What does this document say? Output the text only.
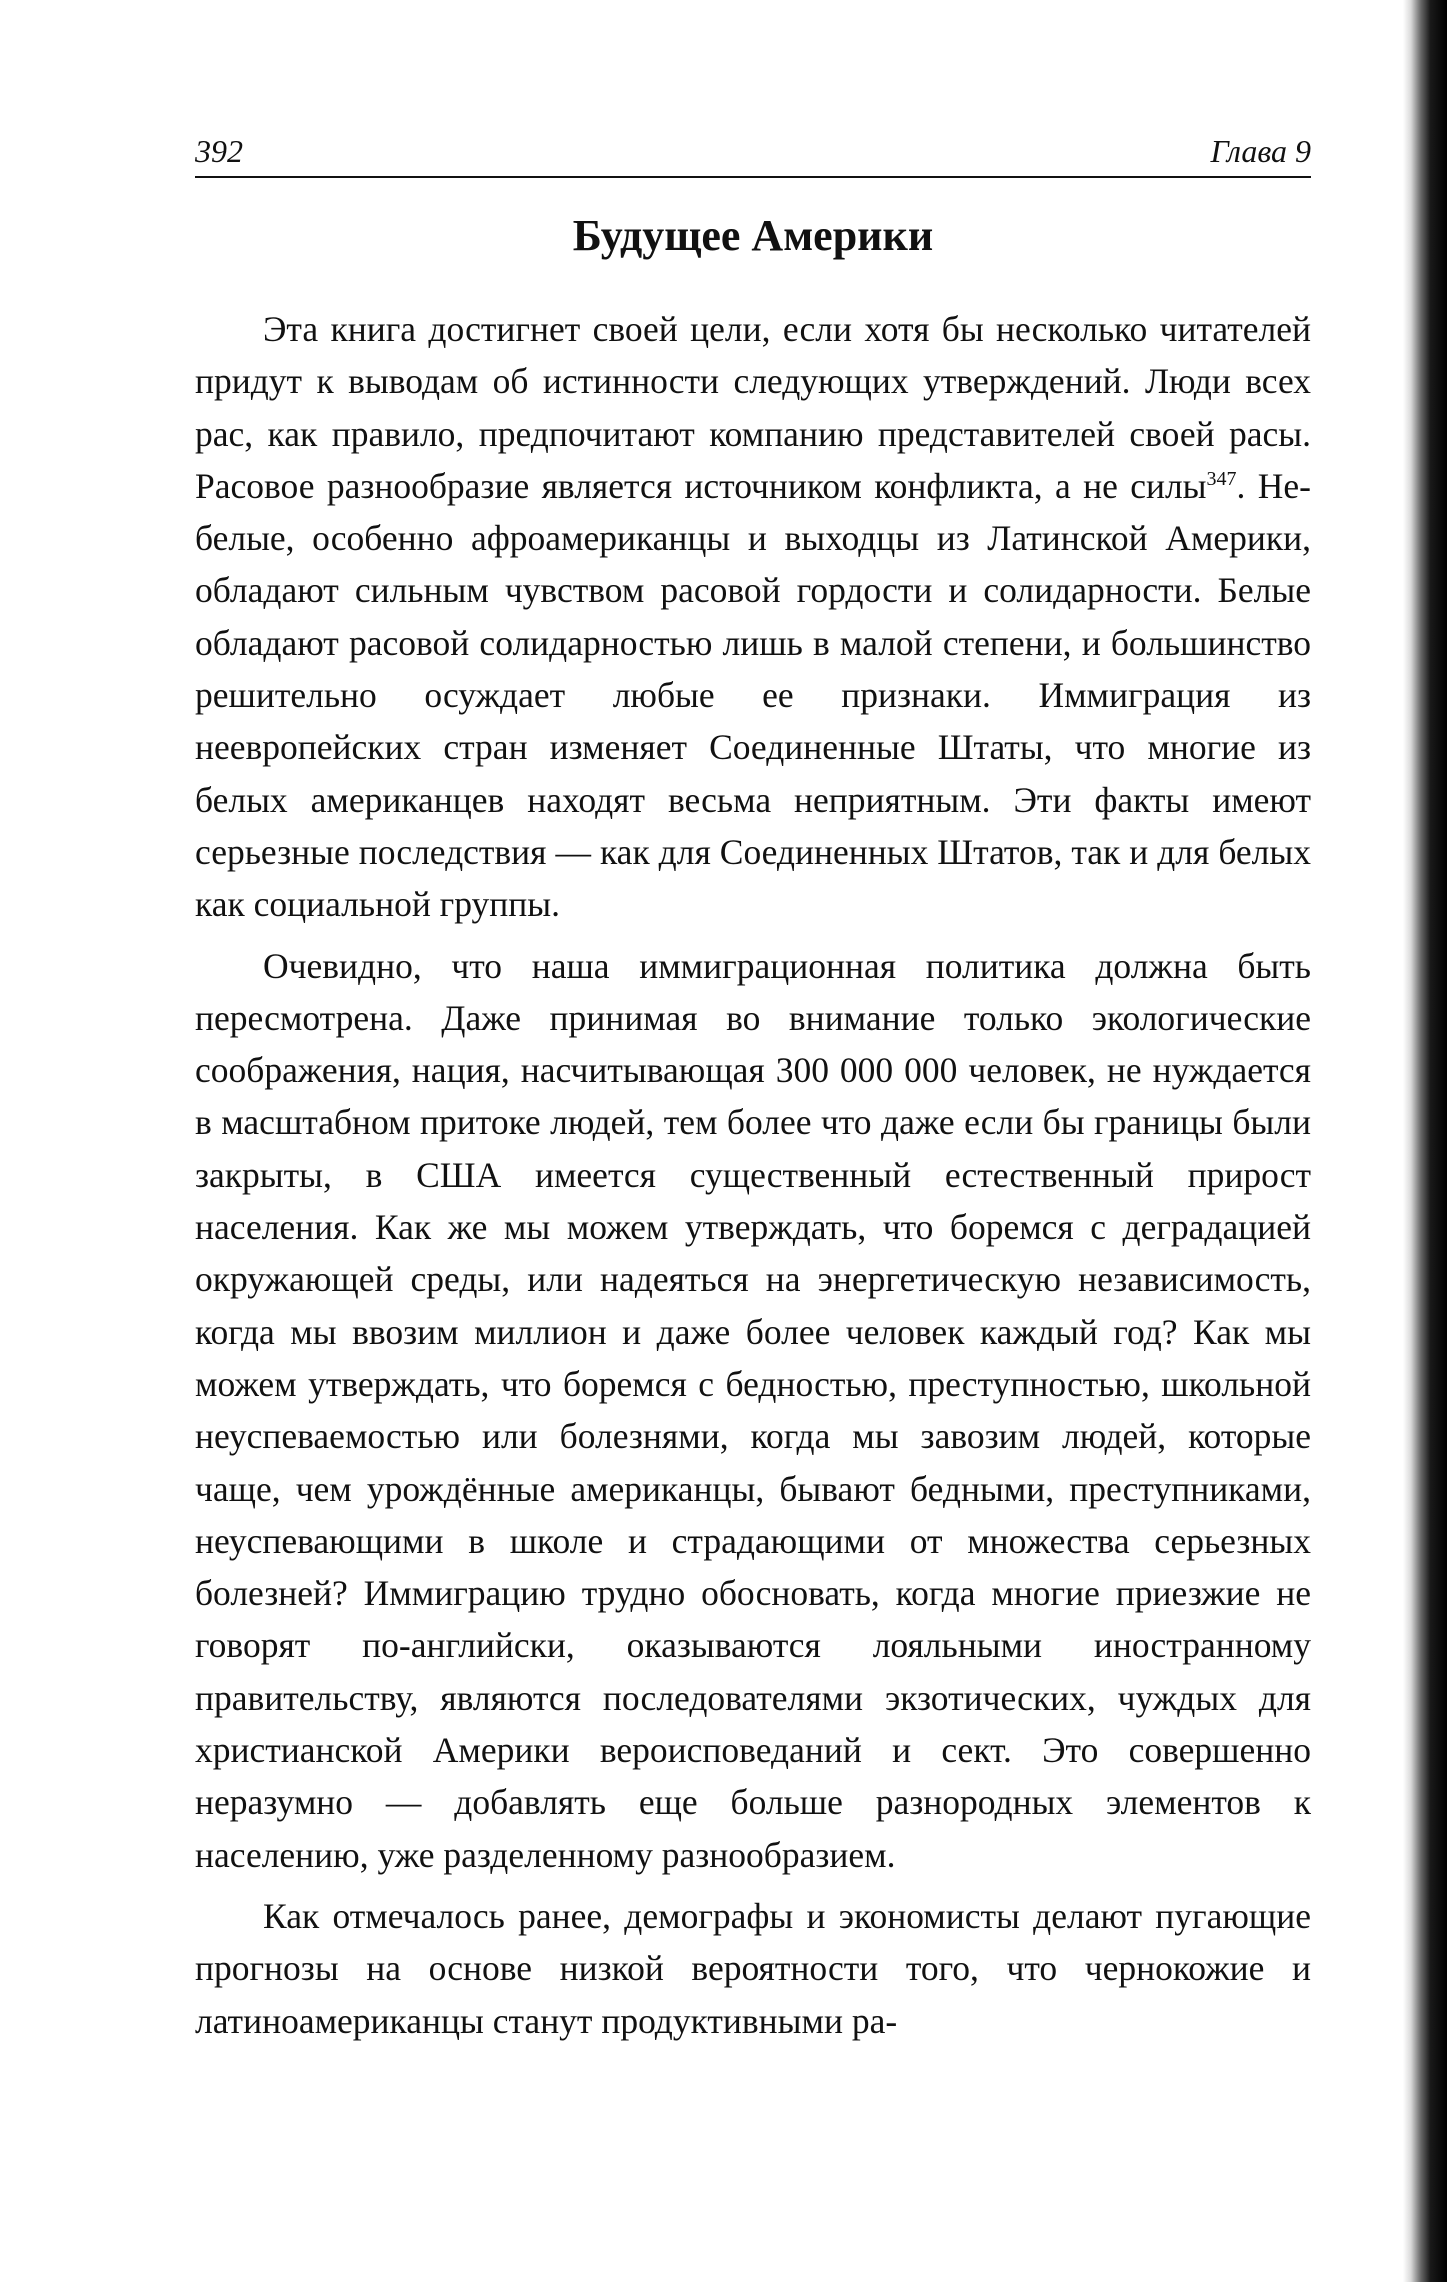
392	Глава 9
Будущее Америки

Эта книга достигнет своей цели, если хотя бы несколько читателей придут к выводам об истинности следующих утверждений. Люди всех рас, как правило, предпочитают компанию представителей своей расы. Расовое разнообразие является источником конфликта, а не силы$^{347}$. Не-белые, особенно афроамериканцы и выходцы из Латинской Америки, обладают сильным чувством расовой гордости и солидарности. Белые обладают расовой солидарностью лишь в малой степени, и большинство решительно осуждает любые ее признаки. Иммиграция из неевропейских стран изменяет Соединенные Штаты, что многие из белых американцев находят весьма неприятным. Эти факты имеют серьезные последствия — как для Соединенных Штатов, так и для белых как социальной группы.

Очевидно, что наша иммиграционная политика должна быть пересмотрена. Даже принимая во внимание только экологические соображения, нация, насчитывающая 300 000 000 человек, не нуждается в масштабном притоке людей, тем более что даже если бы границы были закрыты, в США имеется существенный естественный прирост населения. Как же мы можем утверждать, что боремся с деградацией окружающей среды, или надеяться на энергетическую независимость, когда мы ввозим миллион и даже более человек каждый год? Как мы можем утверждать, что боремся с бедностью, преступностью, школьной неуспеваемостью или болезнями, когда мы завозим людей, которые чаще, чем урождённые американцы, бывают бедными, преступниками, неуспевающими в школе и страдающими от множества серьезных болезней? Иммиграцию трудно обосновать, когда многие приезжие не говорят по-английски, оказываются лояльными иностранному правительству, являются последователями экзотических, чуждых для христианской Америки вероисповеданий и сект. Это совершенно неразумно — добавлять еще больше разнородных элементов к населению, уже разделенному разнообразием.

Как отмечалось ранее, демографы и экономисты делают пугающие прогнозы на основе низкой вероятности того, что чернокожие и латиноамериканцы станут продуктивными ра-
